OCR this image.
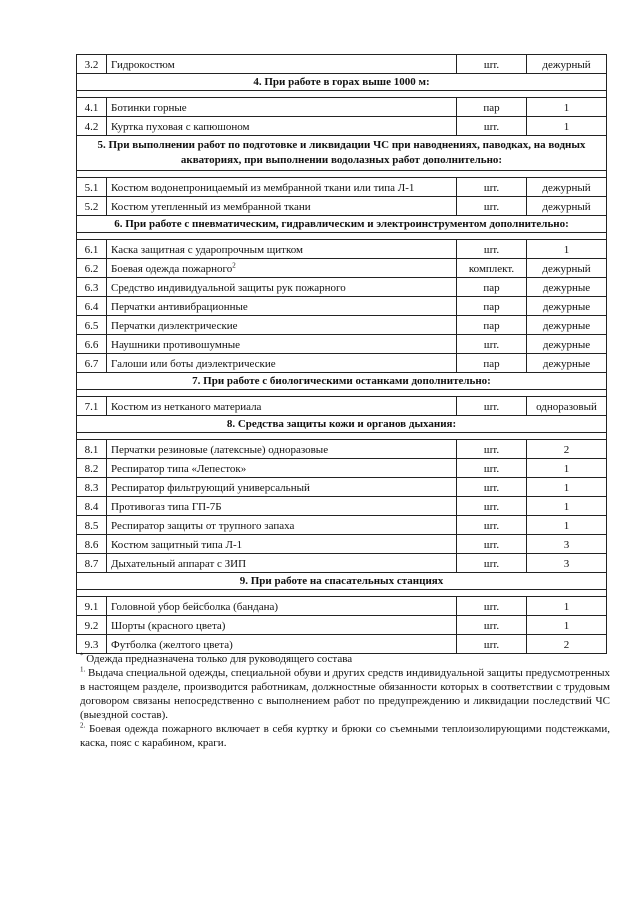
3.2	Гидрокостюм	шт.	дежурный
4. При работе в горах выше 1000 м:			

4.1	Ботинки горные	пар	1
4.2	Куртка пуховая с капюшоном	шт.	1
5. При выполнении работ по подготовке и ликвидации ЧС при наводнениях, паводках, на водных акваториях, при выполнении водолазных работ дополнительно:			

5.1	Костюм водонепроницаемый из мембранной ткани или типа Л-1	шт.	дежурный
5.2	Костюм утепленный из мембранной ткани	шт.	дежурный
6. При работе с пневматическим, гидравлическим и электроинструментом дополнительно:			

6.1	Каска защитная с ударопрочным щитком	шт.	1
6.2	Боевая одежда пожарного$^2$	комплект.	дежурный
6.3	Средство индивидуальной защиты рук пожарного	пар	дежурные
6.4	Перчатки антивибрационные	пар	дежурные
6.5	Перчатки диэлектрические	пар	дежурные
6.6	Наушники противошумные	шт.	дежурные
6.7	Галоши или боты диэлектрические	пар	дежурные
7. При работе с биологическими останками дополнительно:			

7.1	Костюм из нетканого материала	шт.	одноразовый
8. Средства защиты кожи и органов дыхания:			

8.1	Перчатки резиновые (латексные) одноразовые	шт.	2
8.2	Респиратор типа «Лепесток»	шт.	1
8.3	Респиратор фильтрующий универсальный	шт.	1
8.4	Противогаз типа ГП-7Б	шт.	1
8.5	Респиратор защиты от трупного запаха	шт.	1
8.6	Костюм защитный типа Л-1	шт.	3
8.7	Дыхательный аппарат с ЗИП	шт.	3
9. При работе на спасательных станциях			

9.1	Головной убор бейсболка (бандана)	шт.	1
9.2	Шорты (красного цвета)	шт.	1
9.3	Футболка (желтого цвета)	шт.	2

* Одежда предназначена только для руководящего состава

$^{1.}$ Выдача специальной одежды, специальной обуви и других средств индивидуальной защиты предусмотренных в настоящем разделе, производится работникам, должностные обязанности которых в соответствии с трудовым договором связаны непосредственно с выполнением работ по предупреждению и ликвидации последствий ЧС (выездной состав).

$^{2.}$ Боевая одежда пожарного включает в себя куртку и брюки со съемными теплоизолирующими подстежками, каска, пояс с карабином, краги.
